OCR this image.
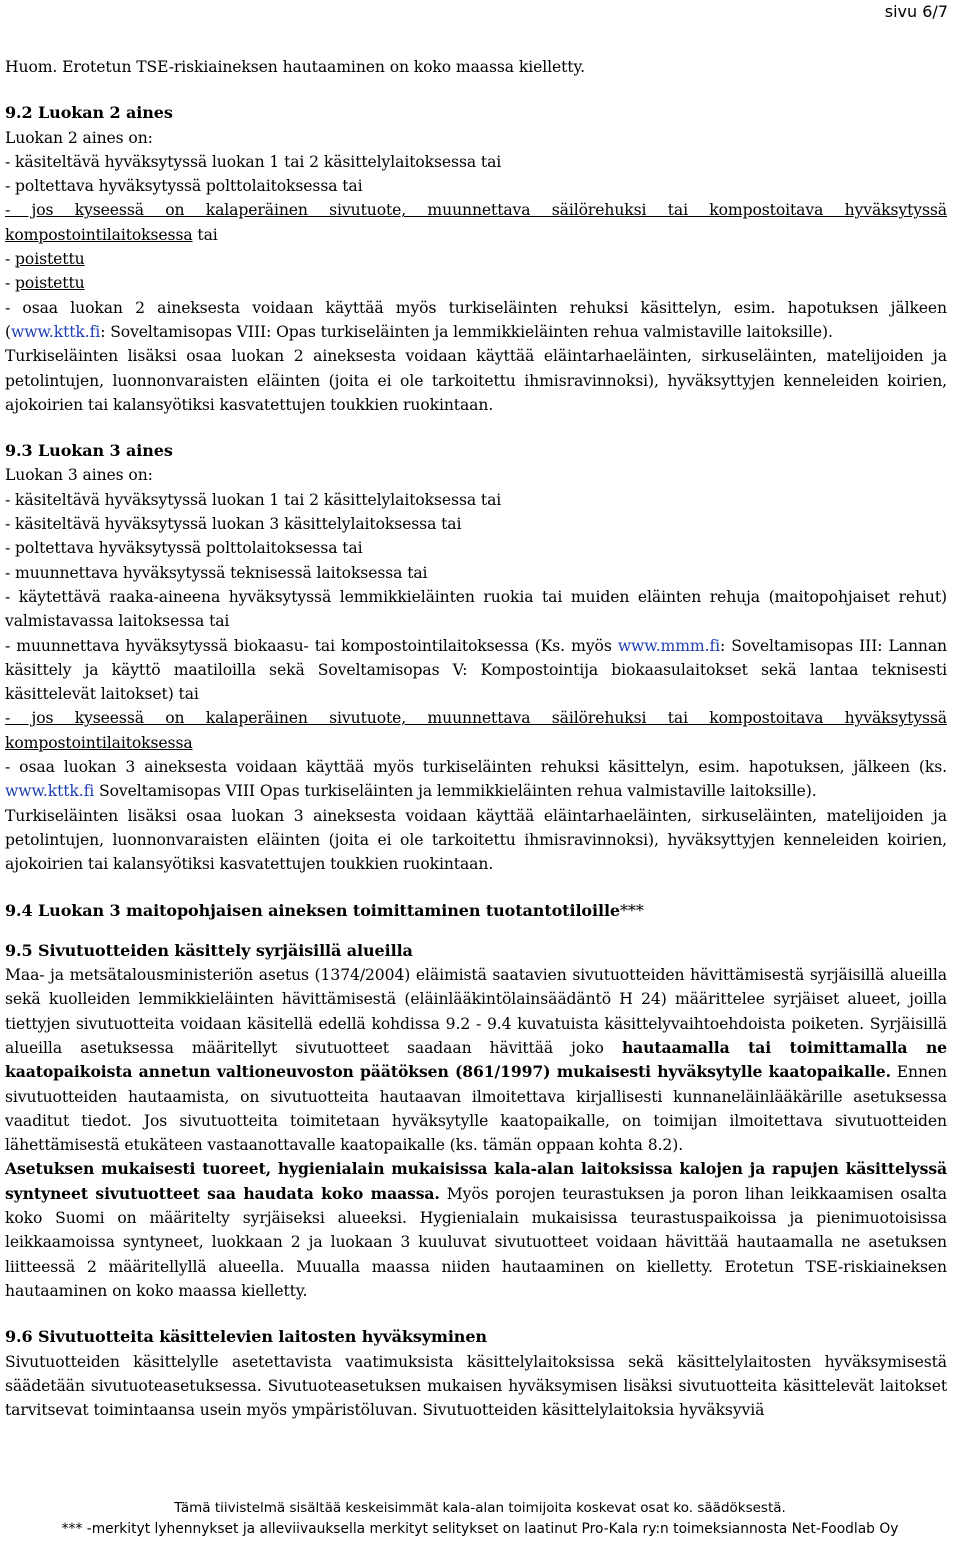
sivu 6/7

Huom. Erotetun TSE-riskiaineksen hautaaminen on koko maassa kielletty.

9.2 Luokan 2 aines

Luokan 2 aines on:

- käsiteltävä hyväksytyssä luokan 1 tai 2 käsittelylaitoksessa tai

- poltettava hyväksytyssä polttolaitoksessa tai

- jos kyseessä on kalaperäinen sivutuote, muunnettava säilörehuksi tai kompostoitava hyväksytyssä kompostointilaitoksessa tai

- poistettu

- poistettu

- osaa luokan 2 aineksesta voidaan käyttää myös turkiseläinten rehuksi käsittelyn, esim. hapotuksen jälkeen (www.kttk.fi: Soveltamisopas VIII: Opas turkiseläinten ja lemmikkieläinten rehua valmistaville laitoksille).

Turkiseläinten lisäksi osaa luokan 2 aineksesta voidaan käyttää eläintarhaeläinten, sirkuseläinten, matelijoiden ja petolintujen, luonnonvaraisten eläinten (joita ei ole tarkoitettu ihmisravinnoksi), hyväksyttyjen kenneleiden koirien, ajokoirien tai kalansyötiksi kasvatettujen toukkien ruokintaan.

9.3 Luokan 3 aines

Luokan 3 aines on:

- käsiteltävä hyväksytyssä luokan 1 tai 2 käsittelylaitoksessa tai

- käsiteltävä hyväksytyssä luokan 3 käsittelylaitoksessa tai

- poltettava hyväksytyssä polttolaitoksessa tai

- muunnettava hyväksytyssä teknisessä laitoksessa tai

- käytettävä raaka-aineena hyväksytyssä lemmikkieläinten ruokia tai muiden eläinten rehuja (maitopohjaiset rehut) valmistavassa laitoksessa tai

- muunnettava hyväksytyssä biokaasu- tai kompostointilaitoksessa (Ks. myös www.mmm.fi: Soveltamisopas III: Lannan käsittely ja käyttö maatiloilla sekä Soveltamisopas V: Kompostointija biokaasulaitokset sekä lantaa teknisesti käsittelevät laitokset) tai

- jos kyseessä on kalaperäinen sivutuote, muunnettava säilörehuksi tai kompostoitava hyväksytyssä kompostointilaitoksessa

- osaa luokan 3 aineksesta voidaan käyttää myös turkiseläinten rehuksi käsittelyn, esim. hapotuksen, jälkeen (ks. www.kttk.fi Soveltamisopas VIII Opas turkiseläinten ja lemmikkieläinten rehua valmistaville laitoksille).

Turkiseläinten lisäksi osaa luokan 3 aineksesta voidaan käyttää eläintarhaeläinten, sirkuseläinten, matelijoiden ja petolintujen, luonnonvaraisten eläinten (joita ei ole tarkoitettu ihmisravinnoksi), hyväksyttyjen kenneleiden koirien, ajokoirien tai kalansyötiksi kasvatettujen toukkien ruokintaan.

9.4 Luokan 3 maitopohjaisen aineksen toimittaminen tuotantotiloille***
9.5 Sivutuotteiden käsittely syrjäisillä alueilla

Maa- ja metsätalousministeriön asetus (1374/2004) eläimistä saatavien sivutuotteiden hävittämisestä syrjäisillä alueilla sekä kuolleiden lemmikkieläinten hävittämisestä (eläinlääkintölainsäädäntö H 24) määrittelee syrjäiset alueet, joilla tiettyjen sivutuotteita voidaan käsitellä edellä kohdissa 9.2 - 9.4 kuvatuista käsittelyvaihtoehdoista poiketen. Syrjäisillä alueilla asetuksessa määritellyt sivutuotteet saadaan hävittää joko hautaamalla tai toimittamalla ne kaatopaikoista annetun valtioneuvoston päätöksen (861/1997) mukaisesti hyväksytylle kaatopaikalle. Ennen sivutuotteiden hautaamista, on sivutuotteita hautaavan ilmoitettava kirjallisesti kunnaneläinlääkärille asetuksessa vaaditut tiedot. Jos sivutuotteita toimitetaan hyväksytylle kaatopaikalle, on toimijan ilmoitettava sivutuotteiden lähettämisestä etukäteen vastaanottavalle kaatopaikalle (ks. tämän oppaan kohta 8.2).

Asetuksen mukaisesti tuoreet, hygienialain mukaisissa kala-alan laitoksissa kalojen ja rapujen käsittelyssä syntyneet sivutuotteet saa haudata koko maassa. Myös porojen teurastuksen ja poron lihan leikkaamisen osalta koko Suomi on määritelty syrjäiseksi alueeksi. Hygienialain mukaisissa teurastuspaikoissa ja pienimuotoisissa leikkaamoissa syntyneet, luokkaan 2 ja luokaan 3 kuuluvat sivutuotteet voidaan hävittää hautaamalla ne asetuksen liitteessä 2 määritellyllä alueella. Muualla maassa niiden hautaaminen on kielletty. Erotetun TSE-riskiaineksen hautaaminen on koko maassa kielletty.

9.6 Sivutuotteita käsittelevien laitosten hyväksyminen

Sivutuotteiden käsittelylle asetettavista vaatimuksista käsittelylaitoksissa sekä käsittelylaitosten hyväksymisestä säädetään sivutuoteasetuksessa. Sivutuoteasetuksen mukaisen hyväksymisen lisäksi sivutuotteita käsittelevät laitokset tarvitsevat toimintaansa usein myös ympäristöluvan. Sivutuotteiden käsittelylaitoksia hyväksyviä

Tämä tiivistelmä sisältää keskeisimmät kala-alan toimijoita koskevat osat ko. säädöksestä.
*** -merkityt lyhennykset ja alleviivauksella merkityt selitykset on laatinut Pro-Kala ry:n toimeksiannosta Net-Foodlab Oy
